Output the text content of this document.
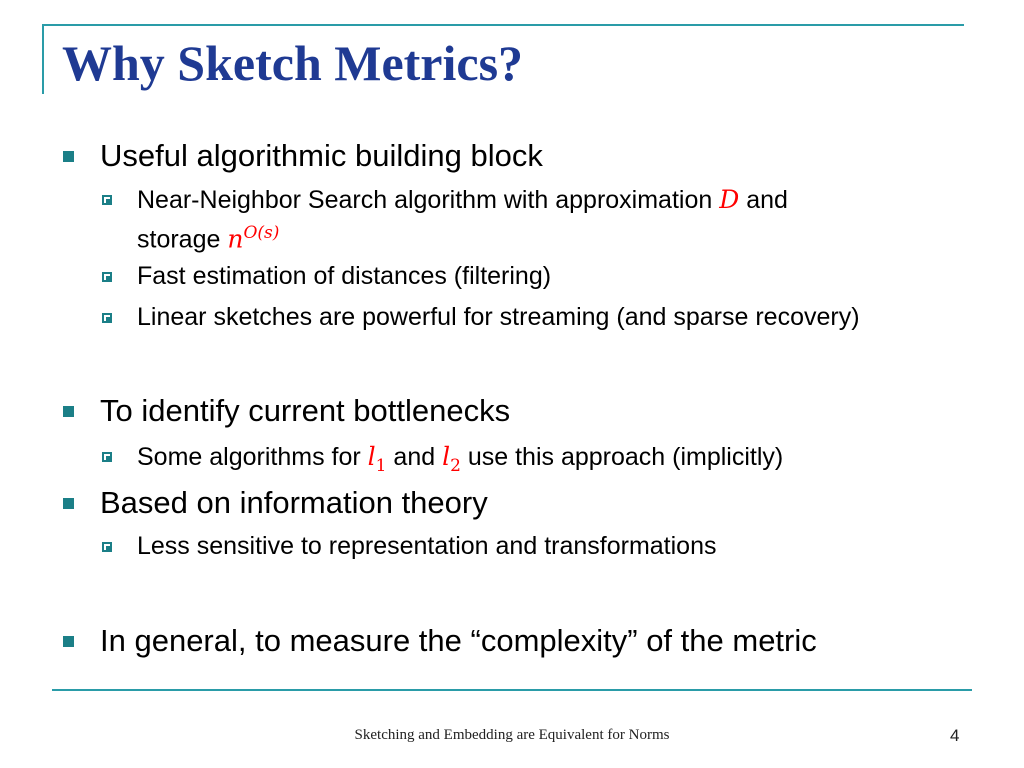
Why Sketch Metrics?
Useful algorithmic building block
Near-Neighbor Search algorithm with approximation D and
storage $n^{O(s)}$
Fast estimation of distances (filtering)
Linear sketches are powerful for streaming (and sparse recovery)
To identify current bottlenecks
Some algorithms for $l_1$ and $l_2$ use this approach (implicitly)
Based on information theory
Less sensitive to representation and transformations
In general, to measure the “complexity” of the metric
Sketching and Embedding are Equivalent for Norms	4
